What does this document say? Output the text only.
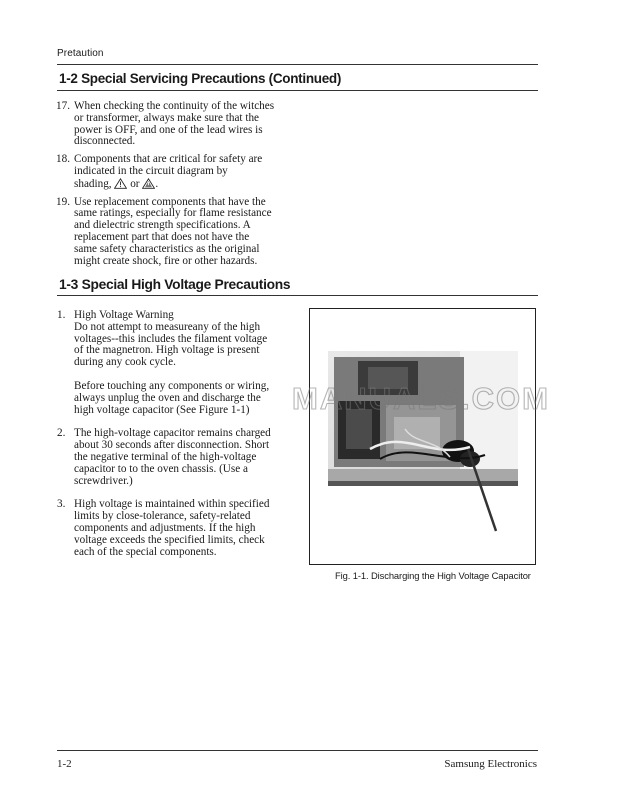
Pretaution
1-2 Special Servicing Precautions (Continued)
17. When checking the continuity of the witches
or transformer, always make sure that the
power is OFF, and one of the lead wires is
disconnected.
18. Components that are critical for safety are
indicated in the circuit diagram by
shading, or .
19. Use replacement components that have the
same ratings, especially for flame resistance
and dielectric strength specifications. A
replacement part that does not have the
same safety characteristics as the original
might create shock, fire or other hazards.
1-3 Special High Voltage Precautions
1. High Voltage Warning
Do not attempt to measureany of the high
voltages--this includes the filament voltage
of the magnetron. High voltage is present
during any cook cycle.
Before touching any components or wiring,
always unplug the oven and discharge the
high voltage capacitor (See Figure 1-1)
2. The high-voltage capacitor remains charged
about 30 seconds after disconnection. Short
the negative terminal of the high-voltage
capacitor to to the oven chassis. (Use a
screwdriver.)
3. High voltage is maintained within specified
limits by close-tolerance, safety-related
components and adjustments. If the high
voltage exceeds the specified limits, check
each of the special components.
MANUALS.COM
Fig. 1-1. Discharging the High Voltage Capacitor
1-2	Samsung Electronics
